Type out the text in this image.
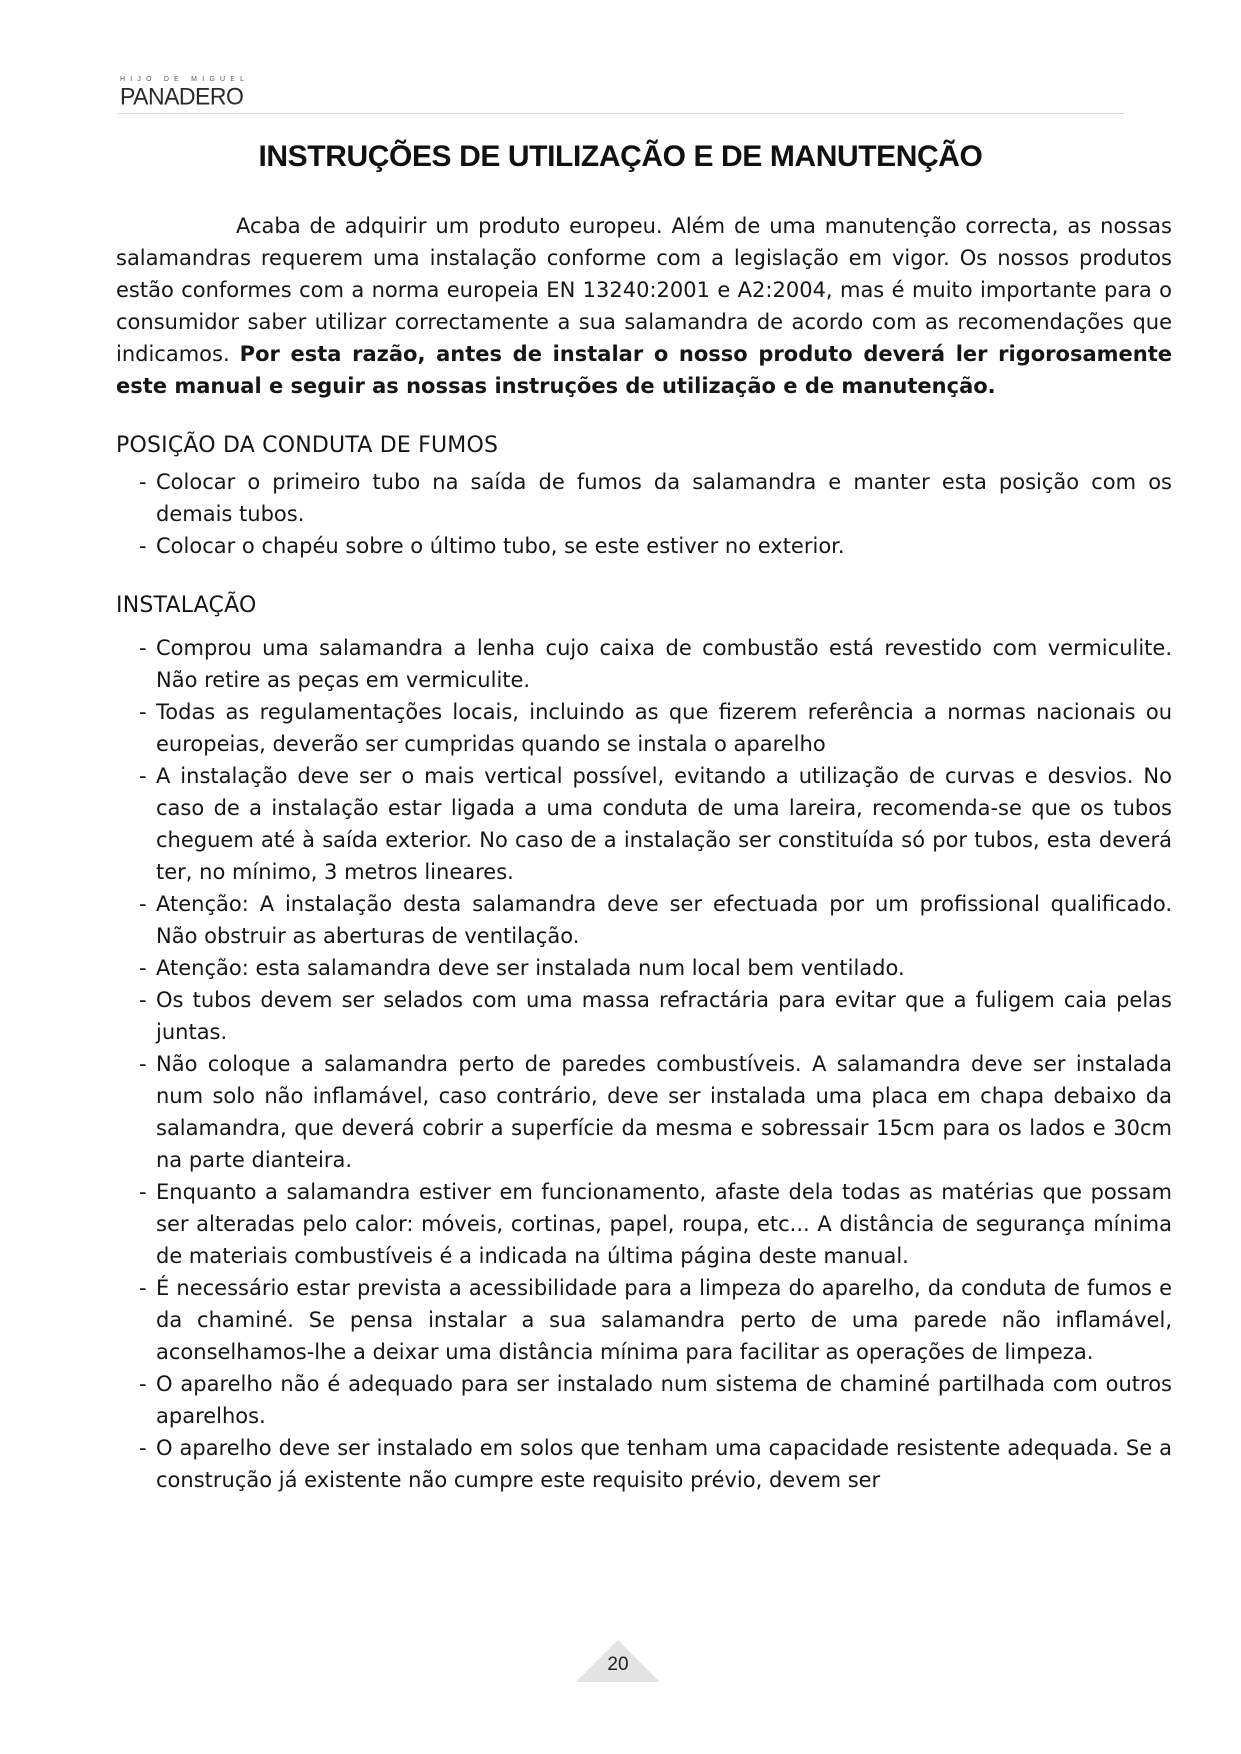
HIJO DE MIGUEL
PANADERO
INSTRUÇÕES DE UTILIZAÇÃO E DE MANUTENÇÃO

Acaba de adquirir um produto europeu. Além de uma manutenção correcta, as nossas salamandras requerem uma instalação conforme com a legislação em vigor. Os nossos produtos estão conformes com a norma europeia EN 13240:2001 e A2:2004, mas é muito importante para o consumidor saber utilizar correctamente a sua salamandra de acordo com as recomendações que indicamos. Por esta razão, antes de instalar o nosso produto deverá ler rigorosamente este manual e seguir as nossas instruções de utilização e de manutenção.

POSIÇÃO DA CONDUTA DE FUMOS
- Colocar o primeiro tubo na saída de fumos da salamandra e manter esta posição com os demais tubos.
- Colocar o chapéu sobre o último tubo, se este estiver no exterior.
INSTALAÇÃO
- Comprou uma salamandra a lenha cujo caixa de combustão está revestido com vermiculite. Não retire as peças em vermiculite.
- Todas as regulamentações locais, incluindo as que fizerem referência a normas nacionais ou europeias, deverão ser cumpridas quando se instala o aparelho
- A instalação deve ser o mais vertical possível, evitando a utilização de curvas e desvios. No caso de a instalação estar ligada a uma conduta de uma lareira, recomenda-se que os tubos cheguem até à saída exterior. No caso de a instalação ser constituída só por tubos, esta deverá ter, no mínimo, 3 metros lineares.
- Atenção: A instalação desta salamandra deve ser efectuada por um profissional qualificado. Não obstruir as aberturas de ventilação.
- Atenção: esta salamandra deve ser instalada num local bem ventilado.
- Os tubos devem ser selados com uma massa refractária para evitar que a fuligem caia pelas juntas.
- Não coloque a salamandra perto de paredes combustíveis. A salamandra deve ser instalada num solo não inflamável, caso contrário, deve ser instalada uma placa em chapa debaixo da salamandra, que deverá cobrir a superfície da mesma e sobressair 15cm para os lados e 30cm na parte dianteira.
- Enquanto a salamandra estiver em funcionamento, afaste dela todas as matérias que possam ser alteradas pelo calor: móveis, cortinas, papel, roupa, etc... A distância de segurança mínima de materiais combustíveis é a indicada na última página deste manual.
- É necessário estar prevista a acessibilidade para a limpeza do aparelho, da conduta de fumos e da chaminé. Se pensa instalar a sua salamandra perto de uma parede não inflamável, aconselhamos-lhe a deixar uma distância mínima para facilitar as operações de limpeza.
- O aparelho não é adequado para ser instalado num sistema de chaminé partilhada com outros aparelhos.
- O aparelho deve ser instalado em solos que tenham uma capacidade resistente adequada. Se a construção já existente não cumpre este requisito prévio, devem ser
20
